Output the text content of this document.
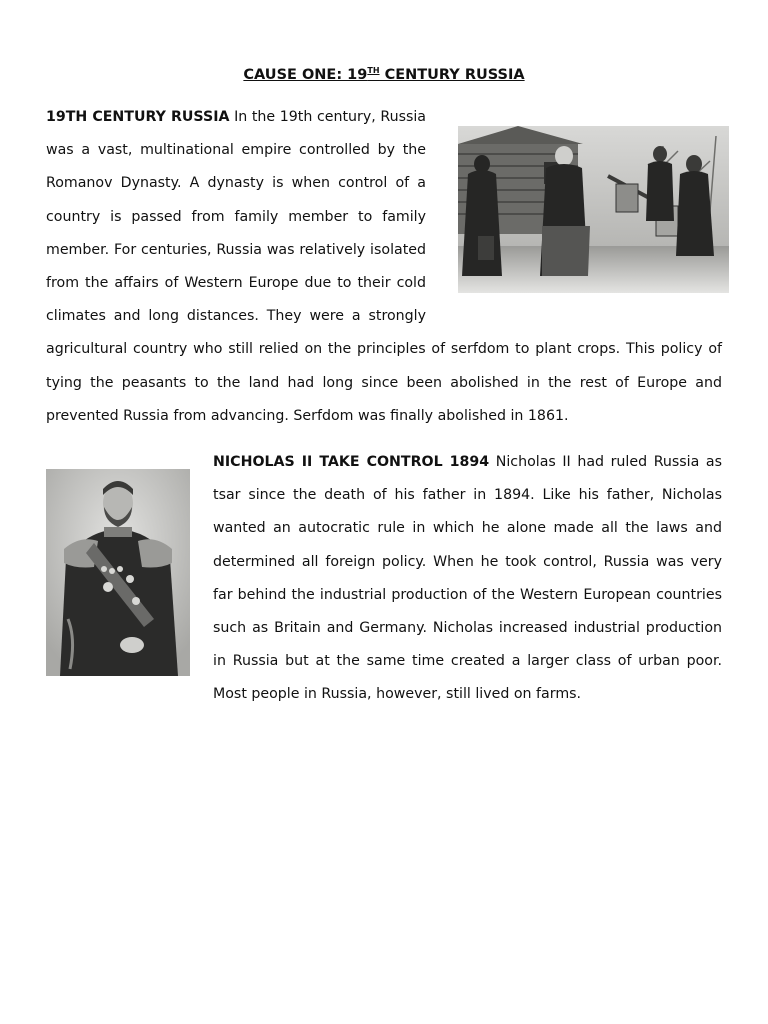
CAUSE ONE: 19TH CENTURY RUSSIA

19TH CENTURY RUSSIA In the 19th century, Russia was a vast, multinational empire controlled by the Romanov Dynasty. A dynasty is when control of a country is passed from family member to family member. For centuries, Russia was relatively isolated from the affairs of Western Europe due to their cold climates and long distances. They were a strongly agricultural country who still relied on the principles of serfdom to plant crops. This policy of tying the peasants to the land had long since been abolished in the rest of Europe and prevented Russia from advancing. Serfdom was finally abolished in 1861.

NICHOLAS II TAKE CONTROL 1894 Nicholas II had ruled Russia as tsar since the death of his father in 1894. Like his father, Nicholas wanted an autocratic rule in which he alone made all the laws and determined all foreign policy. When he took control, Russia was very far behind the industrial production of the Western European countries such as Britain and Germany. Nicholas increased industrial production in Russia but at the same time created a larger class of urban poor. Most people in Russia, however, still lived on farms.
